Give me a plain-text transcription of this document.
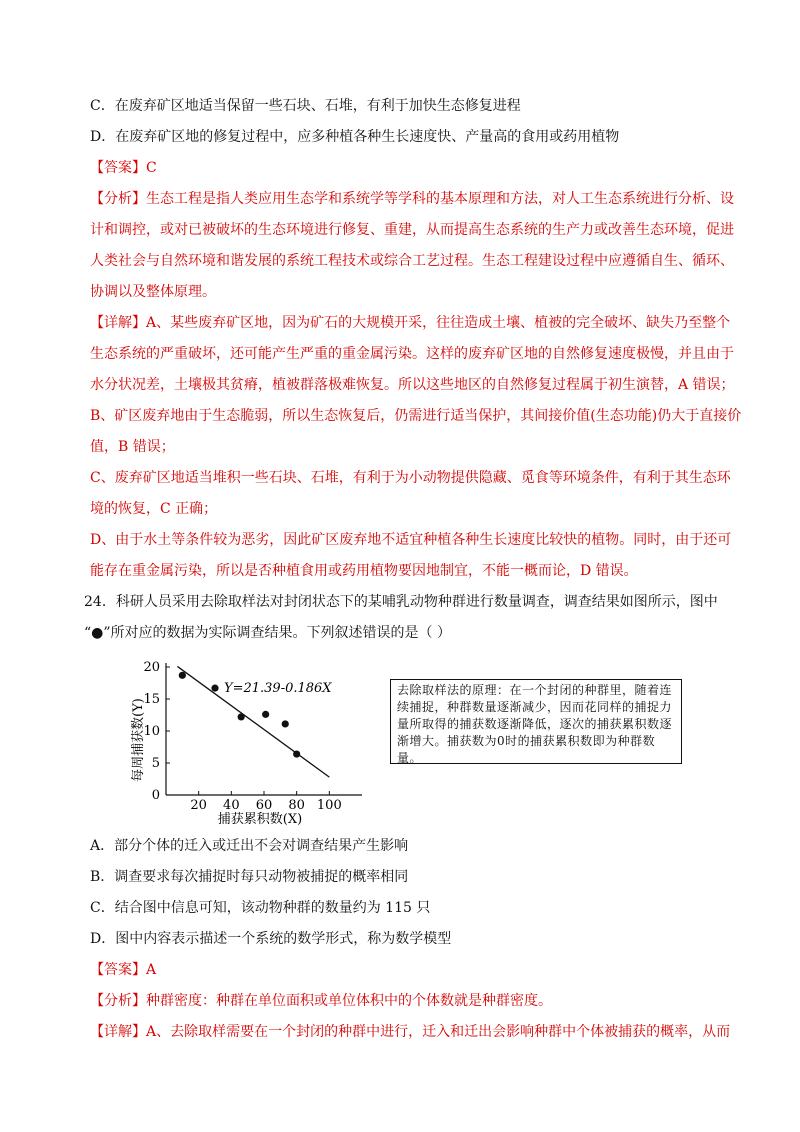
C．在废弃矿区地适当保留一些石块、石堆，有利于加快生态修复进程
D．在废弃矿区地的修复过程中，应多种植各种生长速度快、产量高的食用或药用植物
【答案】C
【分析】生态工程是指人类应用生态学和系统学等学科的基本原理和方法，对人工生态系统进行分析、设
计和调控，或对已被破坏的生态环境进行修复、重建，从而提高生态系统的生产力或改善生态环境，促进
人类社会与自然环境和谐发展的系统工程技术或综合工艺过程。生态工程建设过程中应遵循自生、循环、
协调以及整体原理。
【详解】A、某些废弃矿区地，因为矿石的大规模开采，往往造成土壤、植被的完全破坏、缺失乃至整个
生态系统的严重破坏，还可能产生严重的重金属污染。这样的废弃矿区地的自然修复速度极慢，并且由于
水分状况差，土壤极其贫瘠，植被群落极难恢复。所以这些地区的自然修复过程属于初生演替，A 错误；
B、矿区废弃地由于生态脆弱，所以生态恢复后，仍需进行适当保护，其间接价值(生态功能)仍大于直接价
值，B 错误；
C、废弃矿区地适当堆积一些石块、石堆，有利于为小动物提供隐藏、觅食等环境条件，有利于其生态环
境的恢复，C 正确；
D、由于水土等条件较为恶劣，因此矿区废弃地不适宜种植各种生长速度比较快的植物。同时，由于还可
能存在重金属污染，所以是否种植食用或药用植物要因地制宜，不能一概而论，D 错误。
24．科研人员采用去除取样法对封闭状态下的某哺乳动物种群进行数量调查，调查结果如图所示，图中
“●”所对应的数据为实际调查结果。下列叙述错误的是（ ）
0
5
10
15
20
20 40 60 80 100
Y=21.39-0.186X
每周捕获数(Y)
捕获累积数(X)
去除取样法的原理：在一个封闭的种群里，随着连续捕捉，种群数量逐渐减少，因而花同样的捕捉力量所取得的捕获数逐渐降低，逐次的捕获累积数逐渐增大。捕获数为0时的捕获累积数即为种群数量。
A．部分个体的迁入或迁出不会对调查结果产生影响
B．调查要求每次捕捉时每只动物被捕捉的概率相同
C．结合图中信息可知，该动物种群的数量约为 115 只
D．图中内容表示描述一个系统的数学形式，称为数学模型
【答案】A
【分析】种群密度：种群在单位面积或单位体积中的个体数就是种群密度。
【详解】A、去除取样需要在一个封闭的种群中进行，迁入和迁出会影响种群中个体被捕获的概率，从而
